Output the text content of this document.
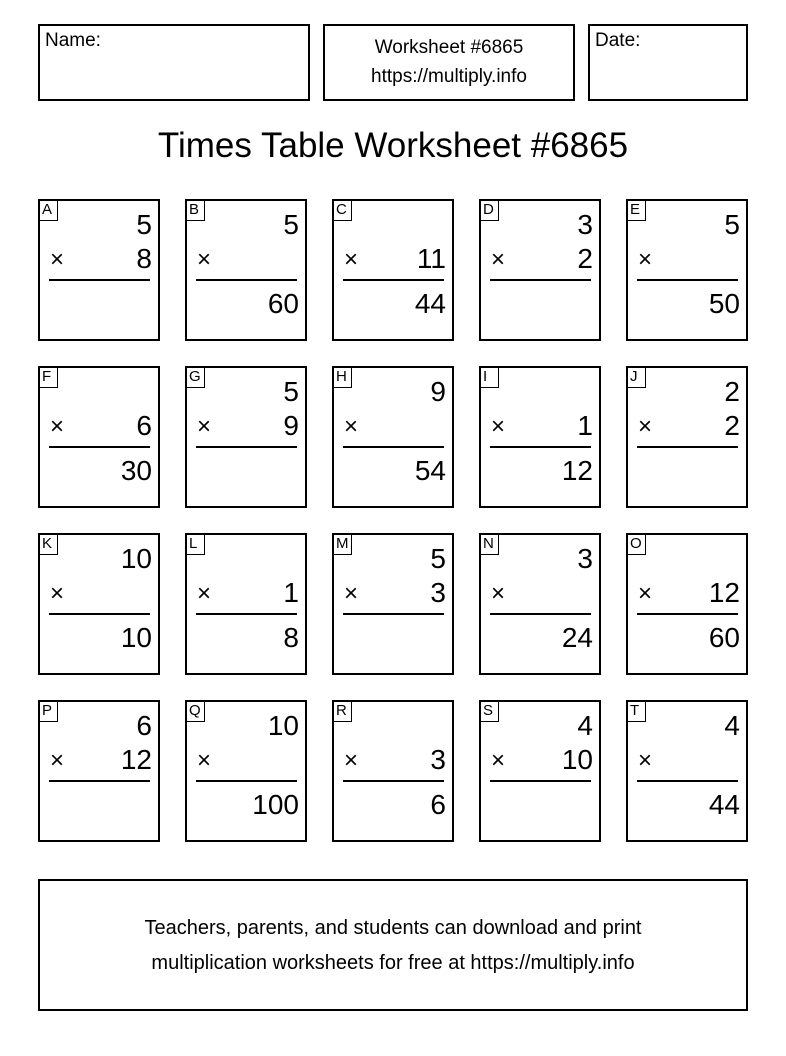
Name:	Worksheet #6865
https://multiply.info
Date:
Times Table Worksheet #6865
A	5
×	8
B	5
×
60
C
× 11
44
D	3
×	2
E	5
×
50
F
×	6
30
G	5
×	9
H	9
×
54
I
×	1
12
J	2
×	2
K 10
×
10
L
×	1
8
M	5
×	3
N	3
×
24
O
× 12
60
P	6
× 12
Q 10
×
100
R
×	3
6
S	4
× 10
T	4
×
44
Teachers, parents, and students can download and print
multiplication worksheets for free at https://multiply.info
